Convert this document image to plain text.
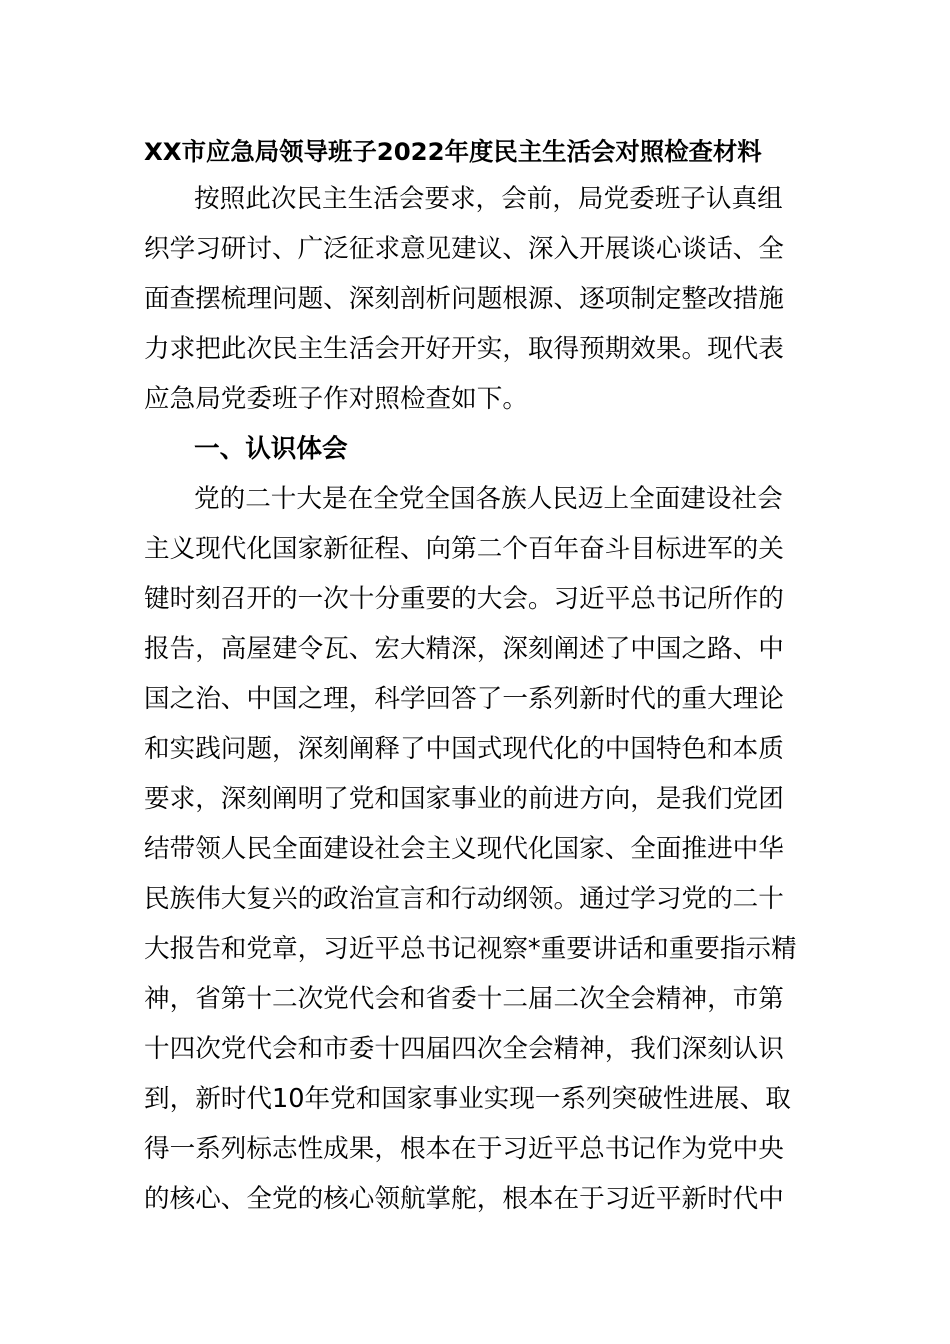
XX市应急局领导班子2022年度民主生活会对照检查材料
按照此次民主生活会要求，会前，局党委班子认真组
织学习研讨、广泛征求意见建议、深入开展谈心谈话、全
面查摆梳理问题、深刻剖析问题根源、逐项制定整改措施
力求把此次民主生活会开好开实，取得预期效果。现代表
应急局党委班子作对照检查如下。
一、认识体会
党的二十大是在全党全国各族人民迈上全面建设社会
主义现代化国家新征程、向第二个百年奋斗目标进军的关
键时刻召开的一次十分重要的大会。习近平总书记所作的
报告，高屋建令瓦、宏大精深，深刻阐述了中国之路、中
国之治、中国之理，科学回答了一系列新时代的重大理论
和实践问题，深刻阐释了中国式现代化的中国特色和本质
要求，深刻阐明了党和国家事业的前进方向，是我们党团
结带领人民全面建设社会主义现代化国家、全面推进中华
民族伟大复兴的政治宣言和行动纲领。通过学习党的二十
大报告和党章，习近平总书记视察*重要讲话和重要指示精
神，省第十二次党代会和省委十二届二次全会精神，市第
十四次党代会和市委十四届四次全会精神，我们深刻认识
到，新时代10年党和国家事业实现一系列突破性进展、取
得一系列标志性成果，根本在于习近平总书记作为党中央
的核心、全党的核心领航掌舵，根本在于习近平新时代中
